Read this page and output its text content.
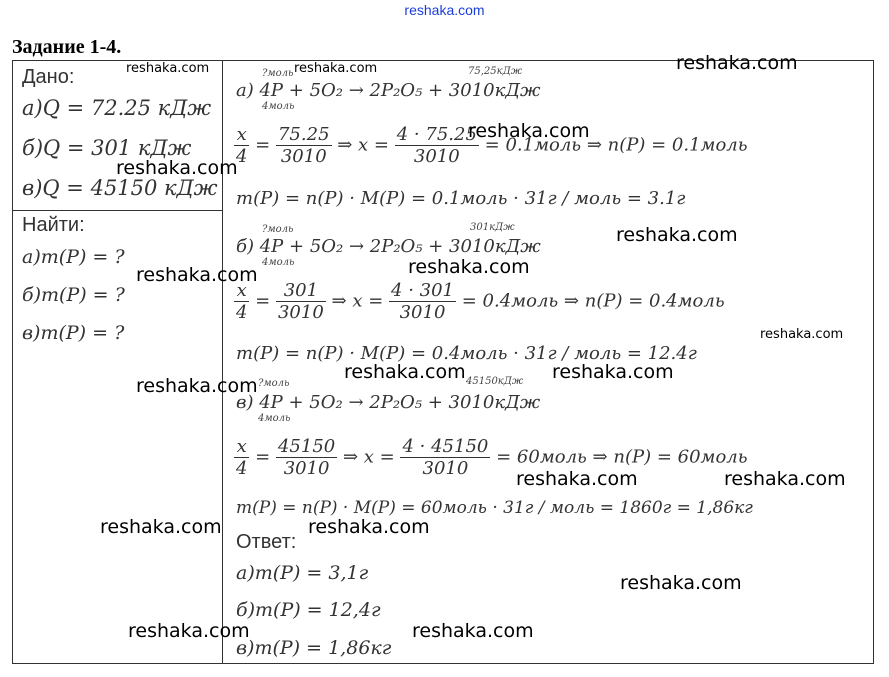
reshaka.com
Задание 1-4.
Дано:
а)Q = 72.25 кДж
б)Q = 301 кДж
в)Q = 45150 кДж
Найти:
а)m(P) = ?
б)m(P) = ?
в)m(P) = ?
?моль	75,25кДж
а) 4P + 5O₂ → 2P₂O₅ + 3010кДж
4моль
$\frac{x}{4} = \frac{75.25}{3010}$ ⇒ $x = \frac{4 \cdot 75.25}{3010}$ = 0.1моль ⇒ n(P) = 0.1моль
m(P) = n(P) · M(P) = 0.1моль · 31г / моль = 3.1г
?моль	301кДж
б) 4P + 5O₂ → 2P₂O₅ + 3010кДж
4моль
$\frac{x}{4} = \frac{301}{3010}$ ⇒ $x = \frac{4 \cdot 301}{3010}$ = 0.4моль ⇒ n(P) = 0.4моль
m(P) = n(P) · M(P) = 0.4моль · 31г / моль = 12.4г
?моль	45150кДж
в) 4P + 5O₂ → 2P₂O₅ + 3010кДж
4моль
$\frac{x}{4} = \frac{45150}{3010}$ ⇒ $x = \frac{4 \cdot 45150}{3010}$ = 60моль ⇒ n(P) = 60моль
m(P) = n(P) · M(P) = 60моль · 31г / моль = 1860г = 1,86кг
Ответ:
а)m(P) = 3,1г
б)m(P) = 12,4г
в)m(P) = 1,86кг
reshaka.com	reshaka.com	reshaka.com
reshaka.com
reshaka.com
reshaka.com
reshaka.com	reshaka.com
reshaka.com
reshaka.com	reshaka.com
reshaka.com
reshaka.com	reshaka.com
reshaka.com	reshaka.com
reshaka.com
reshaka.com	reshaka.com
